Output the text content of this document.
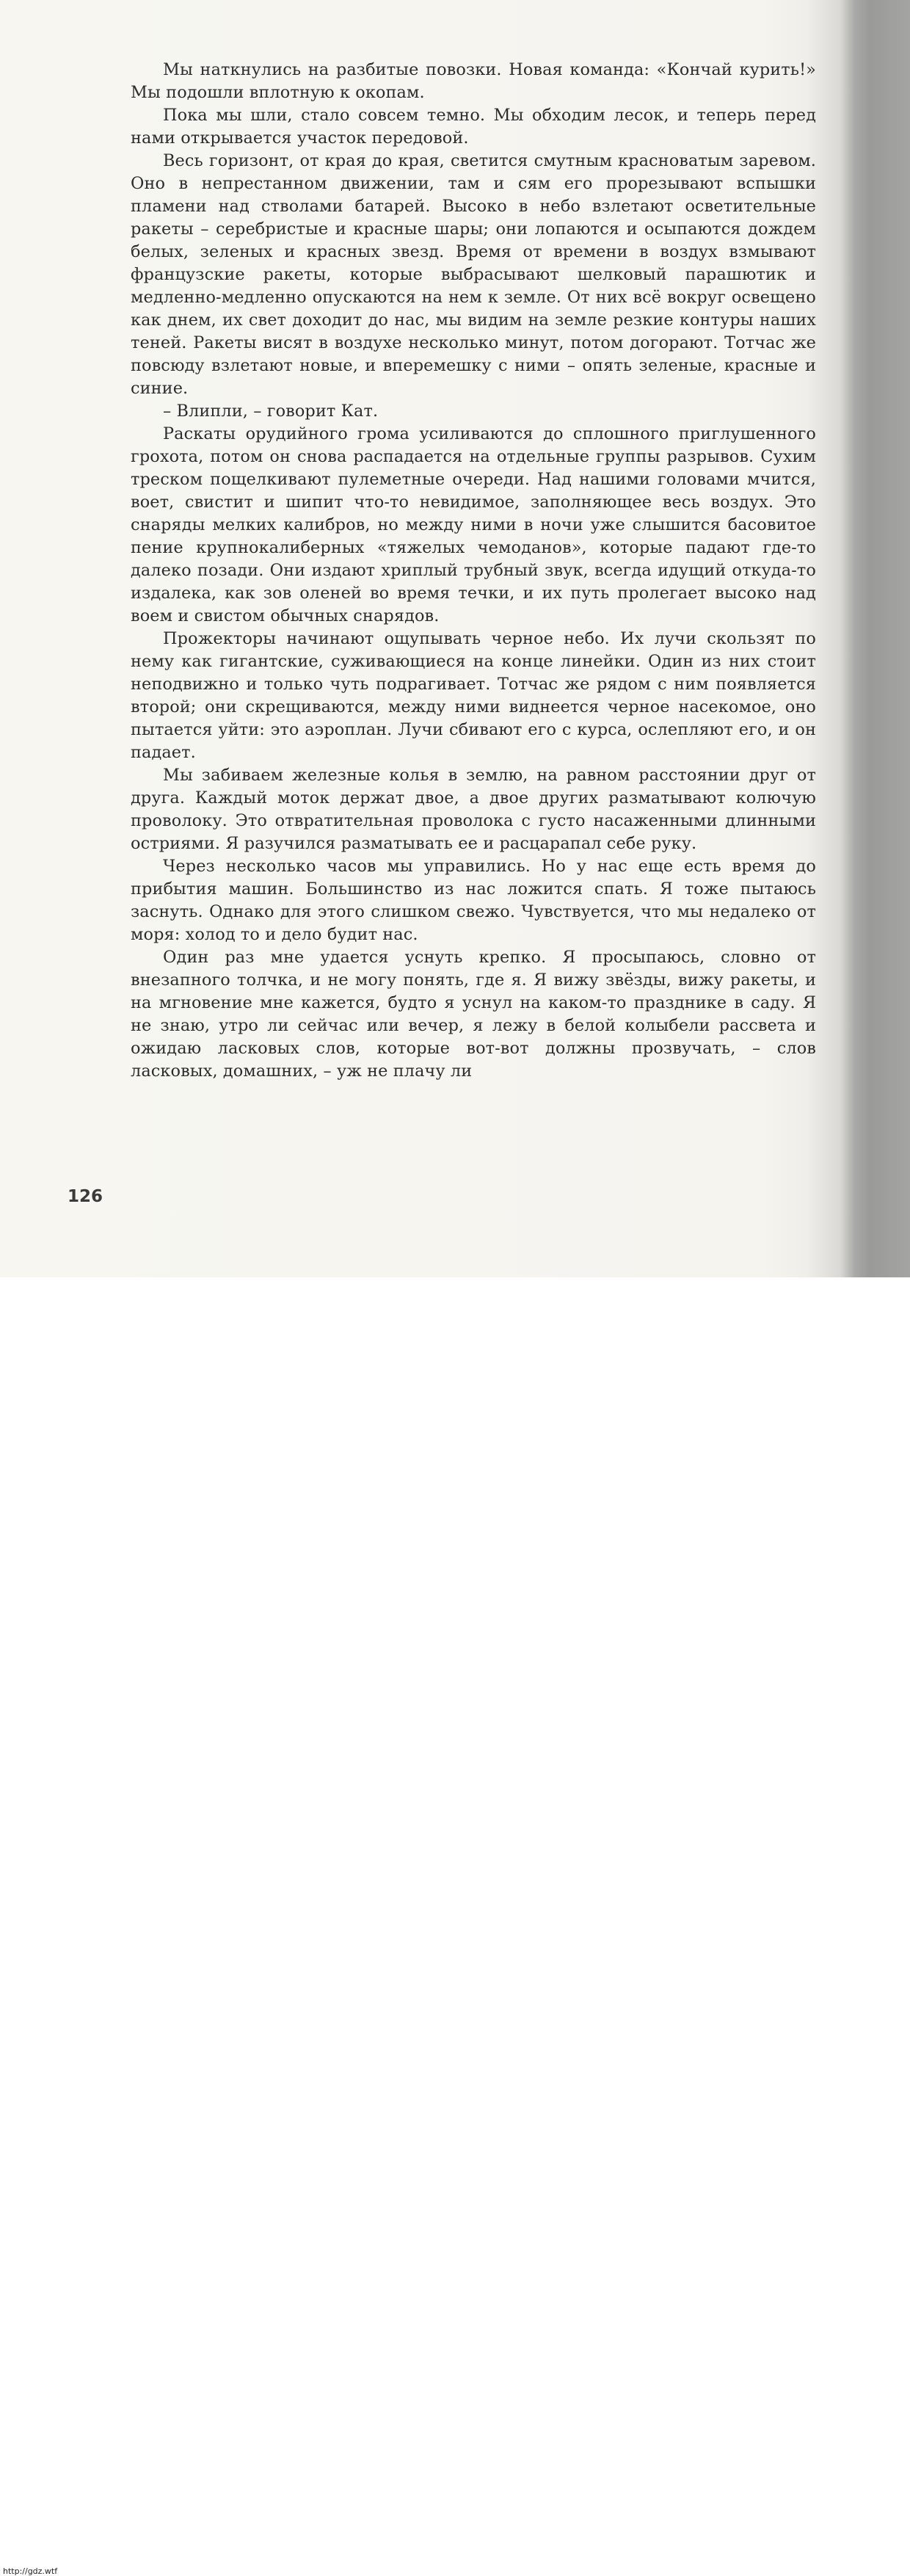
Мы наткнулись на разбитые повозки. Новая команда: «Кончай курить!» Мы подошли вплотную к окопам.

Пока мы шли, стало совсем темно. Мы обходим лесок, и теперь перед нами открывается участок передовой.

Весь горизонт, от края до края, светится смутным красноватым заревом. Оно в непрестанном движении, там и сям его прорезывают вспышки пламени над стволами батарей. Высоко в небо взлетают осветительные ракеты – серебристые и красные шары; они лопаются и осыпаются дождем белых, зеленых и красных звезд. Время от времени в воздух взмывают французские ракеты, которые выбрасывают шелковый парашютик и медленно-медленно опускаются на нем к земле. От них всё вокруг освещено как днем, их свет доходит до нас, мы видим на земле резкие контуры наших теней. Ракеты висят в воздухе несколько минут, потом догорают. Тотчас же повсюду взлетают новые, и вперемешку с ними – опять зеленые, красные и синие.

– Влипли, – говорит Кат.

Раскаты орудийного грома усиливаются до сплошного приглушенного грохота, потом он снова распадается на отдельные группы разрывов. Сухим треском пощелкивают пулеметные очереди. Над нашими головами мчится, воет, свистит и шипит что-то невидимое, заполняющее весь воздух. Это снаряды мелких калибров, но между ними в ночи уже слышится басовитое пение крупнокалиберных «тяжелых чемоданов», которые падают где-то далеко позади. Они издают хриплый трубный звук, всегда идущий откуда-то издалека, как зов оленей во время течки, и их путь пролегает высоко над воем и свистом обычных снарядов.

Прожекторы начинают ощупывать черное небо. Их лучи скользят по нему как гигантские, суживающиеся на конце линейки. Один из них стоит неподвижно и только чуть подрагивает. Тотчас же рядом с ним появляется второй; они скрещиваются, между ними виднеется черное насекомое, оно пытается уйти: это аэроплан. Лучи сбивают его с курса, ослепляют его, и он падает.

Мы забиваем железные колья в землю, на равном расстоянии друг от друга. Каждый моток держат двое, а двое других разматывают колючую проволоку. Это отвратительная проволока с густо насаженными длинными остриями. Я разучился разматывать ее и расцарапал себе руку.

Через несколько часов мы управились. Но у нас еще есть время до прибытия машин. Большинство из нас ложится спать. Я тоже пытаюсь заснуть. Однако для этого слишком свежо. Чувствуется, что мы недалеко от моря: холод то и дело будит нас.

Один раз мне удается уснуть крепко. Я просыпаюсь, словно от внезапного толчка, и не могу понять, где я. Я вижу звёзды, вижу ракеты, и на мгновение мне кажется, будто я уснул на каком-то празднике в саду. Я не знаю, утро ли сейчас или вечер, я лежу в белой колыбели рассвета и ожидаю ласковых слов, которые вот-вот должны прозвучать, – слов ласковых, домашних, – уж не плачу ли

126
http://gdz.wtf
